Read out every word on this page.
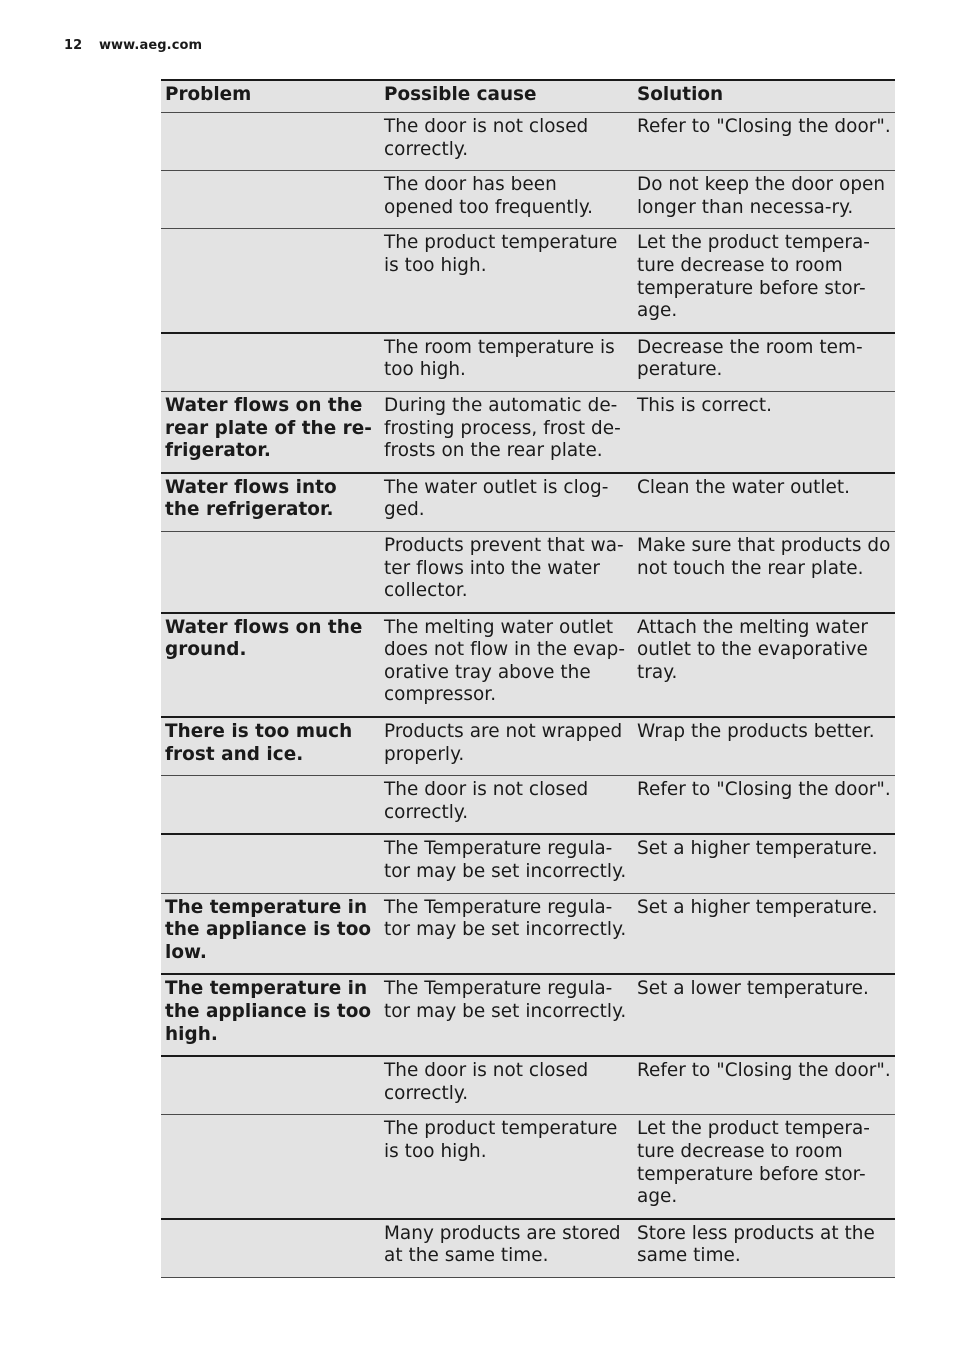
12 www.aeg.com
Problem	Possible cause	Solution
	The door is not closed correctly.	Refer to "Closing the door".
	The door has been opened too frequently.	Do not keep the door open longer than necessa-ry.
	The product temperature is too high.	Let the product tempera-ture decrease to room temperature before stor-age.
	The room temperature is too high.	Decrease the room tem-perature.
Water flows on the rear plate of the re-frigerator.	During the automatic de-frosting process, frost de-frosts on the rear plate.	This is correct.
Water flows into the refrigerator.	The water outlet is clog-ged.	Clean the water outlet.
	Products prevent that wa-ter flows into the water collector.	Make sure that products do not touch the rear plate.
Water flows on the ground.	The melting water outlet does not flow in the evap-orative tray above the compressor.	Attach the melting water outlet to the evaporative tray.
There is too much frost and ice.	Products are not wrapped properly.	Wrap the products better.
	The door is not closed correctly.	Refer to "Closing the door".
	The Temperature regula-tor may be set incorrectly.	Set a higher temperature.
The temperature in the appliance is too low.	The Temperature regula-tor may be set incorrectly.	Set a higher temperature.
The temperature in the appliance is too high.	The Temperature regula-tor may be set incorrectly.	Set a lower temperature.
	The door is not closed correctly.	Refer to "Closing the door".
	The product temperature is too high.	Let the product tempera-ture decrease to room temperature before stor-age.
	Many products are stored at the same time.	Store less products at the same time.
